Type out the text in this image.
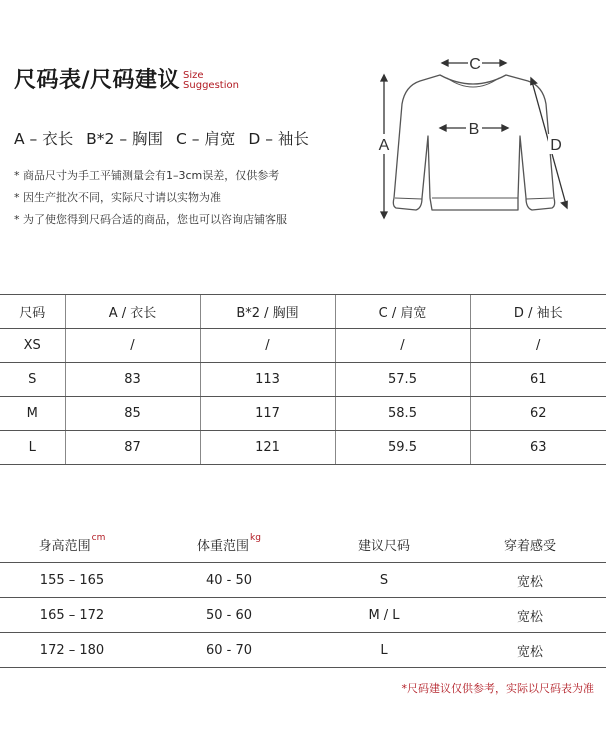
尺码表/尺码建议 Size
Suggestion
A – 衣长 B*2 – 胸围 C – 肩宽 D – 袖长
* 商品尺寸为手工平铺测量会有1–3cm误差，仅供参考
* 因生产批次不同，实际尺寸请以实物为准
* 为了使您得到尺码合适的商品，您也可以咨询店铺客服
C
B
A	D
尺码	A / 衣长	B*2 / 胸围	C / 肩宽	D / 袖长
XS	/	/	/	/
S	83	113	57.5	61
M	85	117	58.5	62
L	87	121	59.5	63
身高范围$^{cm}$	体重范围$^{kg}$	建议尺码	穿着感受
155 – 165	40 - 50	S	宽松
165 – 172	50 - 60	M / L	宽松
172 – 180	60 - 70	L	宽松
*尺码建议仅供参考，实际以尺码表为准
